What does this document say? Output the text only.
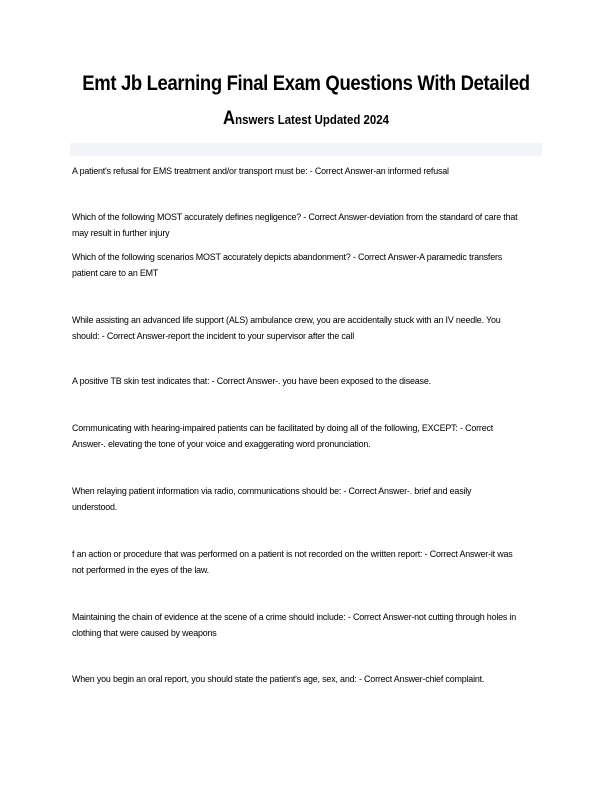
Emt Jb Learning Final Exam Questions With Detailed
Answers Latest Updated 2024
A patient's refusal for EMS treatment and/or transport must be: - Correct Answer-an informed refusal
Which of the following MOST accurately defines negligence? - Correct Answer-deviation from the standard of care that may result in further injury
Which of the following scenarios MOST accurately depicts abandonment? - Correct Answer-A paramedic transfers patient care to an EMT
While assisting an advanced life support (ALS) ambulance crew, you are accidentally stuck with an IV needle. You should: - Correct Answer-report the incident to your supervisor after the call
A positive TB skin test indicates that: - Correct Answer-. you have been exposed to the disease.
Communicating with hearing-impaired patients can be facilitated by doing all of the following, EXCEPT: - Correct Answer-. elevating the tone of your voice and exaggerating word pronunciation.
When relaying patient information via radio, communications should be: - Correct Answer-. brief and easily understood.
f an action or procedure that was performed on a patient is not recorded on the written report: - Correct Answer-it was not performed in the eyes of the law.
Maintaining the chain of evidence at the scene of a crime should include: - Correct Answer-not cutting through holes in clothing that were caused by weapons
When you begin an oral report, you should state the patient's age, sex, and: - Correct Answer-chief complaint.
